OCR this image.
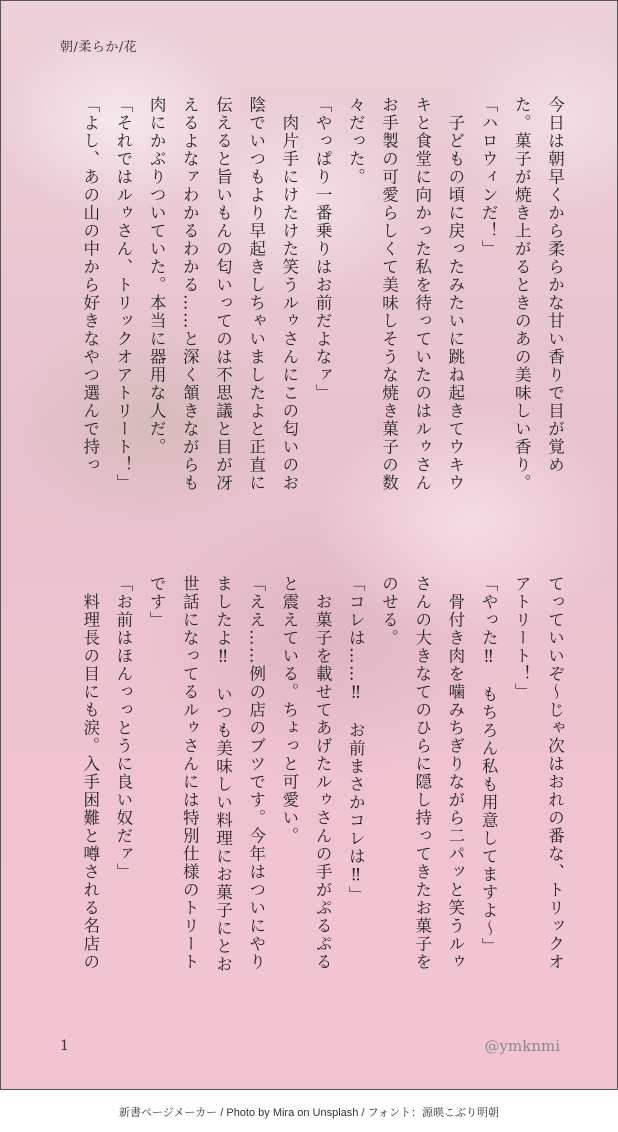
朝/柔らか/花
今日は朝早くから柔らかな甘い香りで目が覚め
た。菓子が焼き上がるときのあの美味しい香り。
「ハロウィンだ！」
　子どもの頃に戻ったみたいに跳ね起きてウキウ
キと食堂に向かった私を待っていたのはルゥさん
お手製の可愛らしくて美味しそうな焼き菓子の数
々だった。
「やっぱり一番乗りはお前だよなァ」
　肉片手にけたけた笑うルゥさんにこの匂いのお
陰でいつもより早起きしちゃいましたよと正直に
伝えると旨いもんの匂いってのは不思議と目が冴
えるよなァわかるわかる……と深く頷きながらも
肉にかぶりついていた。本当に器用な人だ。
「それではルゥさん、トリックオアトリート！」
「よし、あの山の中から好きなやつ選んで持っ
てっていいぞ〜じゃ次はおれの番な、トリックオ
アトリート！」
「やった‼　もちろん私も用意してますよ〜」
　骨付き肉を噛みちぎりながら二パッと笑うルゥ
さんの大きなてのひらに隠し持ってきたお菓子を
のせる。
「コレは……‼　お前まさかコレは‼」
　お菓子を載せてあげたルゥさんの手がぷるぷる
と震えている。ちょっと可愛い。
「ええ……例の店のブツです。今年はついにやり
ましたよ‼　いつも美味しい料理にお菓子にとお
世話になってるルゥさんには特別仕様のトリート
です」
「お前はほんっっとうに良い奴だァ」
　料理長の目にも涙。入手困難と噂される名店の
1	@ymknmi
新書ページメーカー / Photo by Mira on Unsplash / フォント：源暎こぶり明朝
